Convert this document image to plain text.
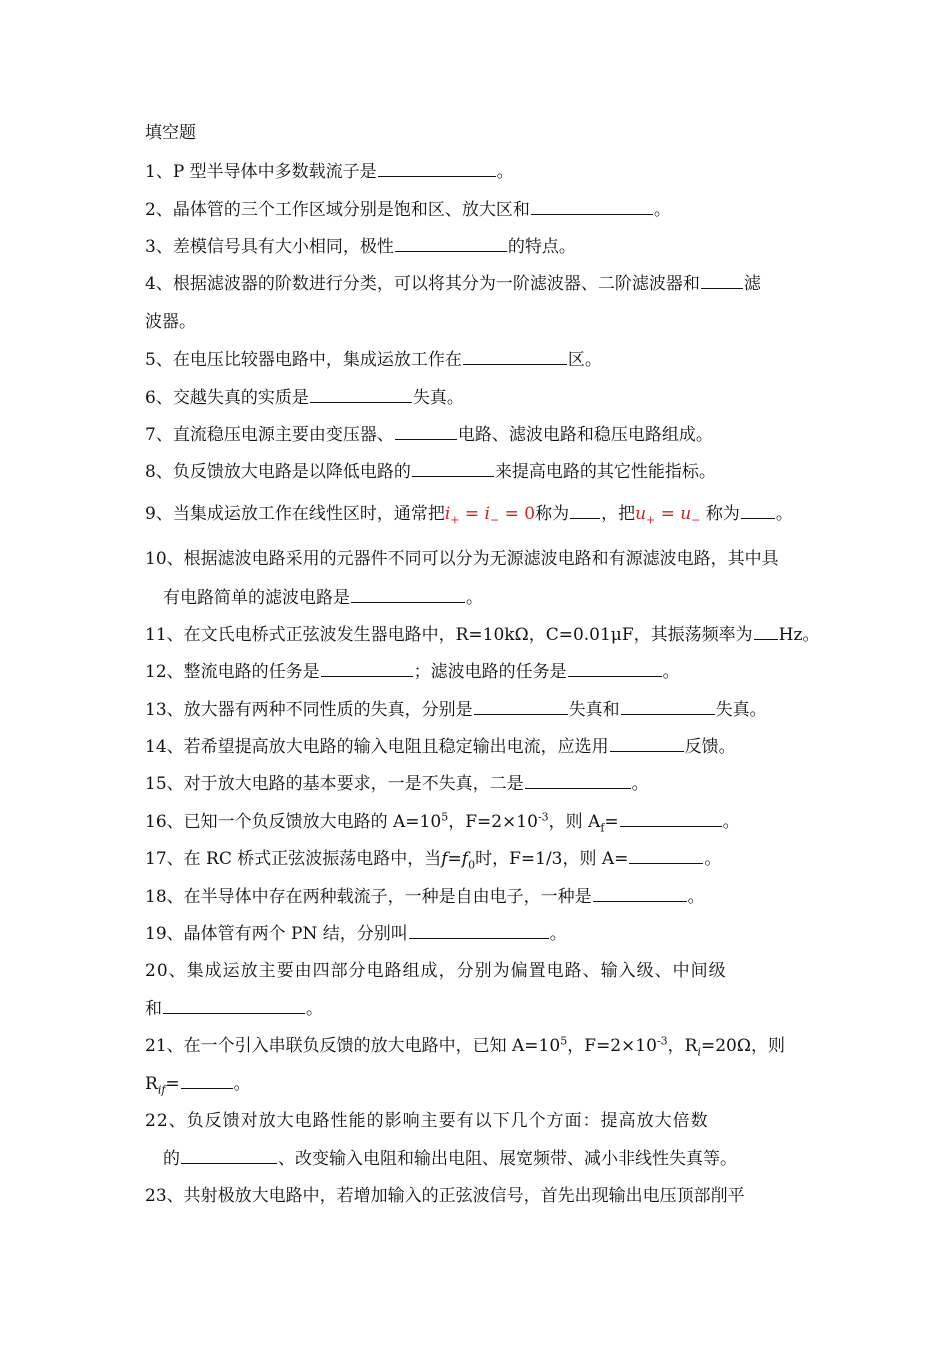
填空题
1、P 型半导体中多数载流子是	。
2、晶体管的三个工作区域分别是饱和区、放大区和	。
3、差模信号具有大小相同，极性	的特点。
4、根据滤波器的阶数进行分类，可以将其分为一阶滤波器、二阶滤波器和	滤
波器。
5、在电压比较器电路中，集成运放工作在	区。
6、交越失真的实质是	失真。
7、直流稳压电源主要由变压器、	电路、滤波电路和稳压电路组成。
8、负反馈放大电路是以降低电路的	来提高电路的其它性能指标。
9、当集成运放工作在线性区时，通常把$i_+ = i_- = 0$称为 ，把$u_+ = u_-$ 称为 。
10、根据滤波电路采用的元器件不同可以分为无源滤波电路和有源滤波电路，其中具
有电路简单的滤波电路是	。
11、在文氏电桥式正弦波发生器电路中，R=10kΩ，C=0.01μF，其振荡频率为 Hz。
12、整流电路的任务是	；滤波电路的任务是	。
13、放大器有两种不同性质的失真，分别是	失真和	失真。
14、若希望提高放大电路的输入电阻且稳定输出电流，应选用	反馈。
15、对于放大电路的基本要求，一是不失真，二是	。
16、已知一个负反馈放大电路的 $A=10^5$，$F=2\times 10^{-3}$，则 $A_f=$	。
17、在 RC 桥式正弦波振荡电路中，当$f=f_0$时，F=1/3，则 A=	。
18、在半导体中存在两种载流子，一种是自由电子，一种是	。
19、晶体管有两个 PN 结，分别叫	。
20、集成运放主要由四部分电路组成，分别为偏置电路、输入级、中间级
和	。
21、在一个引入串联负反馈的放大电路中，已知 $A=10^5$，$F=2\times 10^{-3}$，$R_i=20\Omega$，则
$R_{if}=$	。
22、负反馈对放大电路性能的影响主要有以下几个方面：提高放大倍数
的	、改变输入电阻和输出电阻、展宽频带、减小非线性失真等。
23、共射极放大电路中，若增加输入的正弦波信号，首先出现输出电压顶部削平
